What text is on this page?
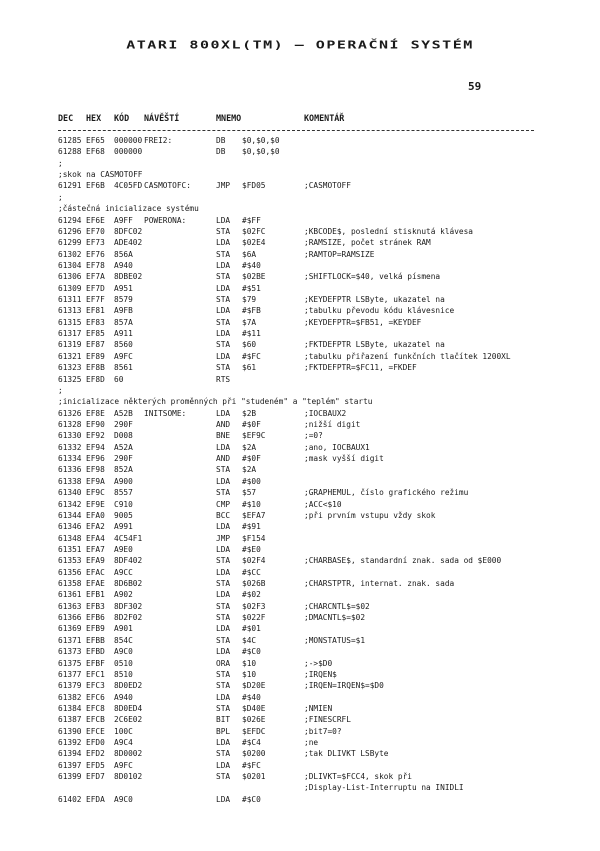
ATARI 800XL(TM) — OPERAČNÍ SYSTÉM
59
DEC HEX KÓD NÁVĚŠTÍ	MNEMO	KOMENTÁŘ
61285 EF65 000000 FREI2:	DB $0,$0,$0
61288 EF68 000000	DB $0,$0,$0
;
;skok na CASMOTOFF
61291 EF6B 4C05FD CASMOTOFC:	JMP $FD05	;CASMOTOFF
;
;částečná inicializace systému
61294 EF6E A9FF POWERONA:	LDA #$FF
61296 EF70 8DFC02	STA $02FC	;KBCODE$, poslední stisknutá klávesa
61299 EF73 ADE402	LDA $02E4	;RAMSIZE, počet stránek RAM
61302 EF76 856A	STA $6A	;RAMTOP=RAMSIZE
61304 EF78 A940	LDA #$40
61306 EF7A 8DBE02	STA $02BE	;SHIFTLOCK=$40, velká písmena
61309 EF7D A951	LDA #$51
61311 EF7F 8579	STA $79	;KEYDEFPTR LSByte, ukazatel na
61313 EF81 A9FB	LDA #$FB	;tabulku převodu kódu klávesnice
61315 EF83 857A	STA $7A	;KEYDEFPTR=$FB51, =KEYDEF
61317 EF85 A911	LDA #$11
61319 EF87 8560	STA $60	;FKTDEFPTR LSByte, ukazatel na
61321 EF89 A9FC	LDA #$FC	;tabulku přiřazení funkčních tlačítek 1200XL
61323 EF8B 8561	STA $61	;FKTDEFPTR=$FC11, =FKDEF
61325 EF8D 60	RTS
;
;inicializace některých proměnných při "studeném" a "teplém" startu
61326 EF8E A52B INITSOME:	LDA $2B	;IOCBAUX2
61328 EF90 290F	AND #$0F	;nižší digit
61330 EF92 D008	BNE $EF9C	;=0?
61332 EF94 A52A	LDA $2A	;ano, IOCBAUX1
61334 EF96 290F	AND #$0F	;mask vyšší digit
61336 EF98 852A	STA $2A
61338 EF9A A900	LDA #$00
61340 EF9C 8557	STA $57	;GRAPHEMUL, číslo grafického režimu
61342 EF9E C910	CMP #$10	;ACC<$10
61344 EFA0 9005	BCC $EFA7	;při prvním vstupu vždy skok
61346 EFA2 A991	LDA #$91
61348 EFA4 4C54F1	JMP $F154
61351 EFA7 A9E0	LDA #$E0
61353 EFA9 8DF402	STA $02F4	;CHARBASE$, standardní znak. sada od $E000
61356 EFAC A9CC	LDA #$CC
61358 EFAE 8D6B02	STA $026B	;CHARSTPTR, internat. znak. sada
61361 EFB1 A902	LDA #$02
61363 EFB3 8DF302	STA $02F3	;CHARCNTL$=$02
61366 EFB6 8D2F02	STA $022F	;DMACNTL$=$02
61369 EFB9 A901	LDA #$01
61371 EFBB 854C	STA $4C	;MONSTATUS=$1
61373 EFBD A9C0	LDA #$C0
61375 EFBF 0510	ORA $10	;->$D0
61377 EFC1 8510	STA $10	;IRQEN$
61379 EFC3 8D0ED2	STA $D20E	;IRQEN=IRQEN$=$D0
61382 EFC6 A940	LDA #$40
61384 EFC8 8D0ED4	STA $D40E	;NMIEN
61387 EFCB 2C6E02	BIT $026E	;FINESCRFL
61390 EFCE 100C	BPL $EFDC	;bit7=0?
61392 EFD0 A9C4	LDA #$C4	;ne
61394 EFD2 8D0002	STA $0200	;tak DLIVKT LSByte
61397 EFD5 A9FC	LDA #$FC
61399 EFD7 8D0102	STA $0201	;DLIVKT=$FCC4, skok při
;Display-List-Interruptu na INIDLI
61402 EFDA A9C0	LDA #$C0
